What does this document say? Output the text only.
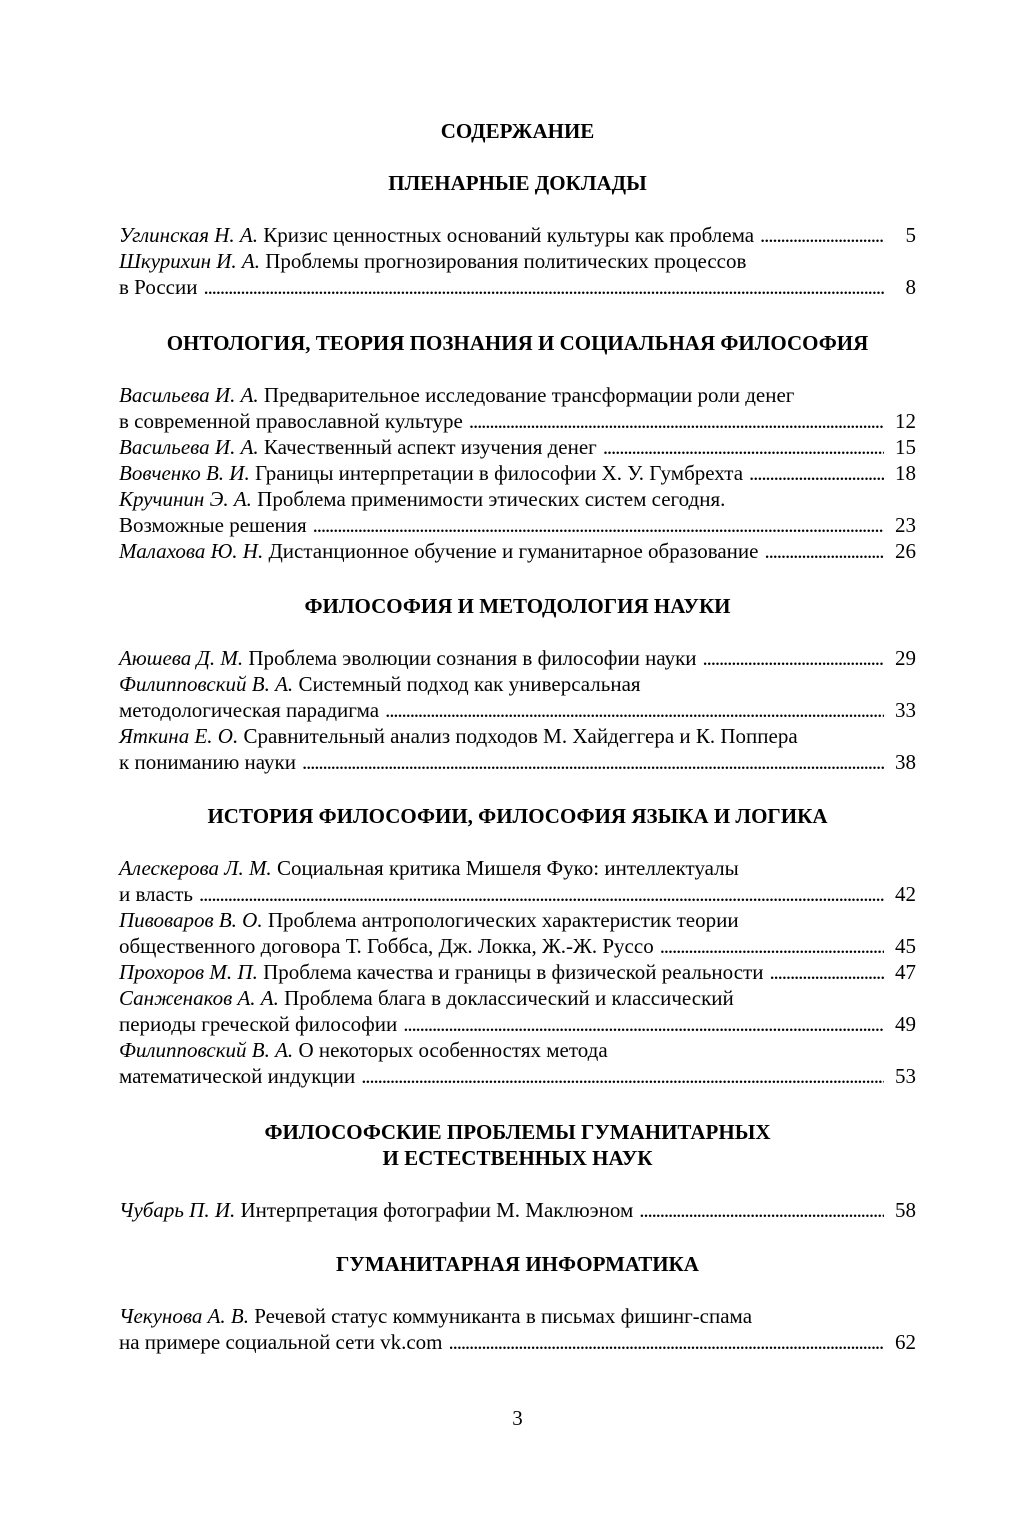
СОДЕРЖАНИЕ
ПЛЕНАРНЫЕ ДОКЛАДЫ
Углинская Н. А. Кризис ценностных оснований культуры как проблема . . .	5
Шкурихин И. А. Проблемы прогнозирования политических процессов
в России . . .	8
ОНТОЛОГИЯ, ТЕОРИЯ ПОЗНАНИЯ И СОЦИАЛЬНАЯ ФИЛОСОФИЯ
Васильева И. А. Предварительное исследование трансформации роли денег
в современной православной культуре . . .	12
Васильева И. А. Качественный аспект изучения денег . . .	15
Вовченко В. И. Границы интерпретации в философии Х. У. Гумбрехта . . .	18
Кручинин Э. А. Проблема применимости этических систем сегодня.
Возможные решения . . .	23
Малахова Ю. Н. Дистанционное обучение и гуманитарное образование . . .	26
ФИЛОСОФИЯ И МЕТОДОЛОГИЯ НАУКИ
Аюшева Д. М. Проблема эволюции сознания в философии науки . . .	29
Филипповский В. А. Системный подход как универсальная
методологическая парадигма . . .	33
Яткина Е. О. Сравнительный анализ подходов М. Хайдеггера и К. Поппера
к пониманию науки . . .	38
ИСТОРИЯ ФИЛОСОФИИ, ФИЛОСОФИЯ ЯЗЫКА И ЛОГИКА
Алескерова Л. М. Социальная критика Мишеля Фуко: интеллектуалы
и власть . . .	42
Пивоваров В. О. Проблема антропологических характеристик теории
общественного договора Т. Гоббса, Дж. Локка, Ж.-Ж. Руссо . . .	45
Прохоров М. П. Проблема качества и границы в физической реальности . . .	47
Санженаков А. А. Проблема блага в доклассический и классический
периоды греческой философии . . .	49
Филипповский В. А. О некоторых особенностях метода
математической индукции . . .	53
ФИЛОСОФСКИЕ ПРОБЛЕМЫ ГУМАНИТАРНЫХ
И ЕСТЕСТВЕННЫХ НАУК
Чубарь П. И. Интерпретация фотографии М. Маклюэном . . .	58
ГУМАНИТАРНАЯ ИНФОРМАТИКА
Чекунова А. В. Речевой статус коммуниканта в письмах фишинг-спама
на примере социальной сети vk.com . . .	62
3
